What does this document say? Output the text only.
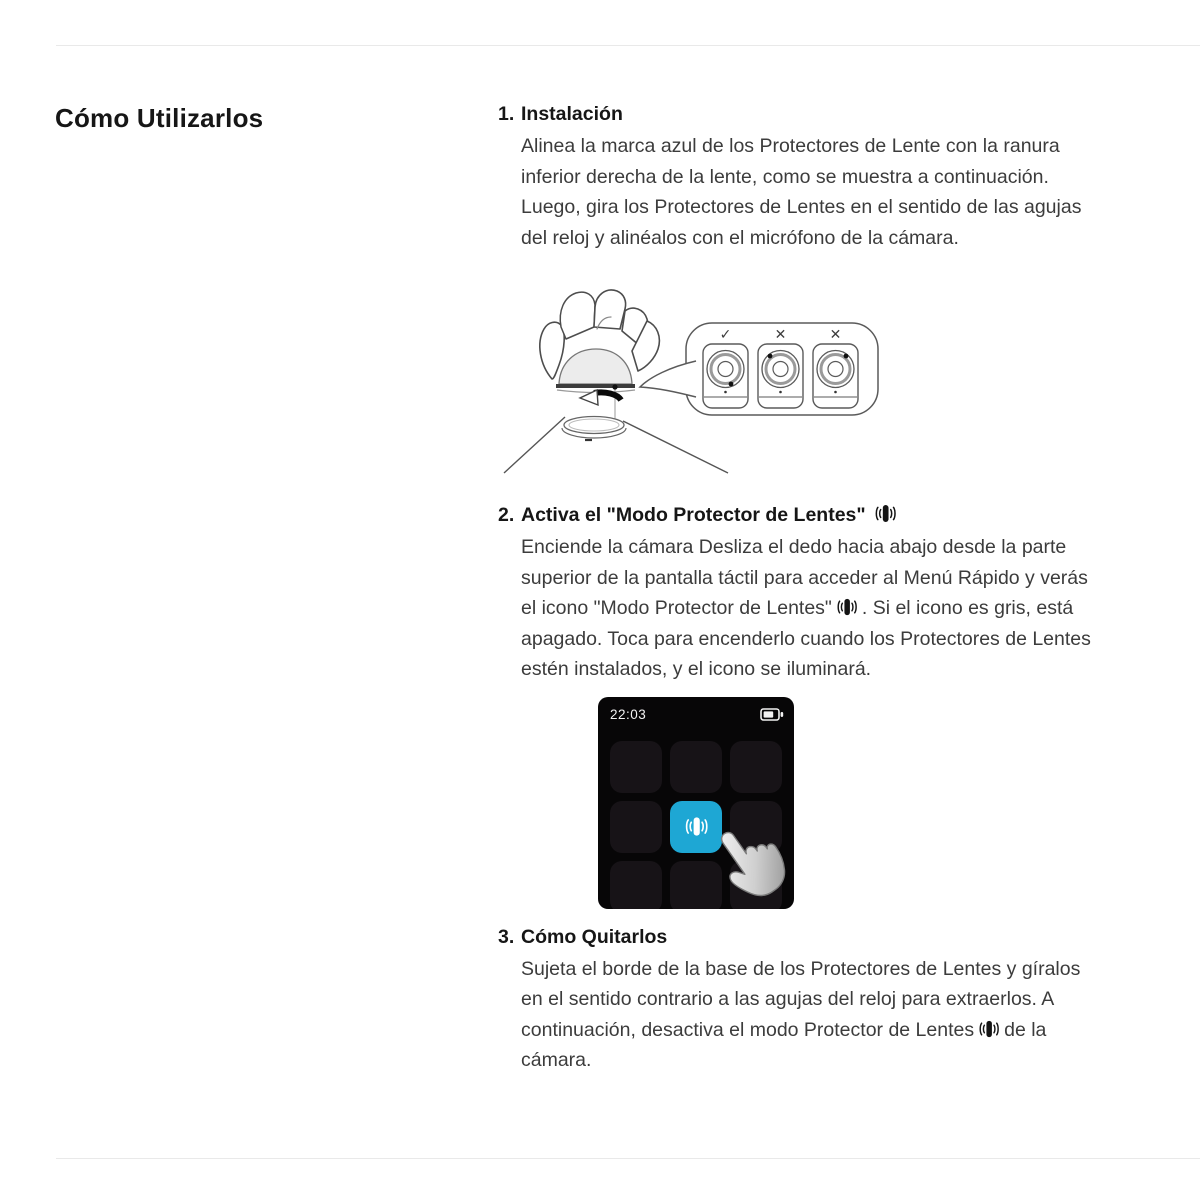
Cómo Utilizarlos	1. Instalación
Alinea la marca azul de los Protectores de Lente con la ranura inferior derecha de la lente, como se muestra a continuación. Luego, gira los Protectores de Lentes en el sentido de las agujas del reloj y alinéalos con el micrófono de la cámara.
✓	✕	✕
2. Activa el "Modo Protector de Lentes"
Enciende la cámara Desliza el dedo hacia abajo desde la parte superior de la pantalla táctil para acceder al Menú Rápido y verás el icono "Modo Protector de Lentes" . Si el icono es gris, está apagado. Toca para encenderlo cuando los Protectores de Lentes estén instalados, y el icono se iluminará.
22:03
3. Cómo Quitarlos
Sujeta el borde de la base de los Protectores de Lentes y gíralos en el sentido contrario a las agujas del reloj para extraerlos. A continuación, desactiva el modo Protector de Lentes de la cámara.
